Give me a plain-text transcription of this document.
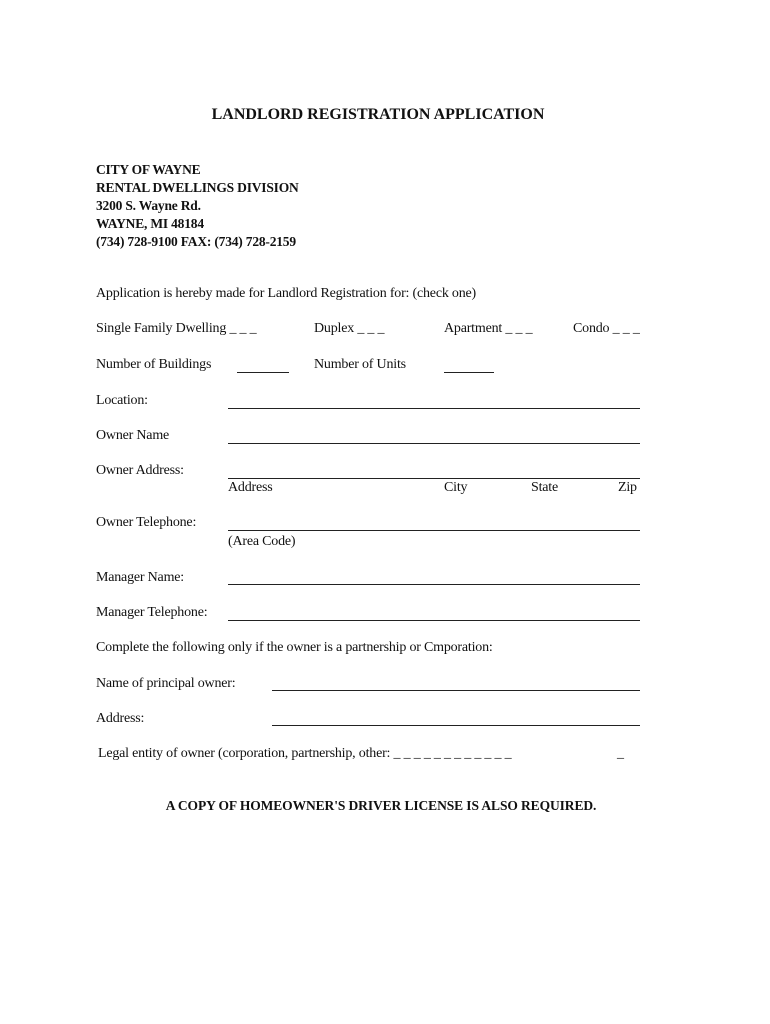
LANDLORD REGISTRATION APPLICATION
CITY OF WAYNE
RENTAL DWELLINGS DIVISION
3200 S. Wayne Rd.
WAYNE, MI 48184
(734) 728-9100 FAX: (734) 728-2159
Application is hereby made for Landlord Registration for: (check one)
Single Family Dwelling _ _ _	Duplex _ _ _	Apartment _ _ _	Condo _ _ _
Number of Buildings	Number of Units
Location:
Owner Name
Owner Address:
Address	City	State	Zip
Owner Telephone:
(Area Code)
Manager Name:
Manager Telephone:
Complete the following only if the owner is a partnership or Cmporation:
Name of principal owner:
Address:
Legal entity of owner (corporation, partnership, other: _ _ _ _ _ _ _ _ _ _ _ _	_
A COPY OF HOMEOWNER'S DRIVER LICENSE IS ALSO REQUIRED.
